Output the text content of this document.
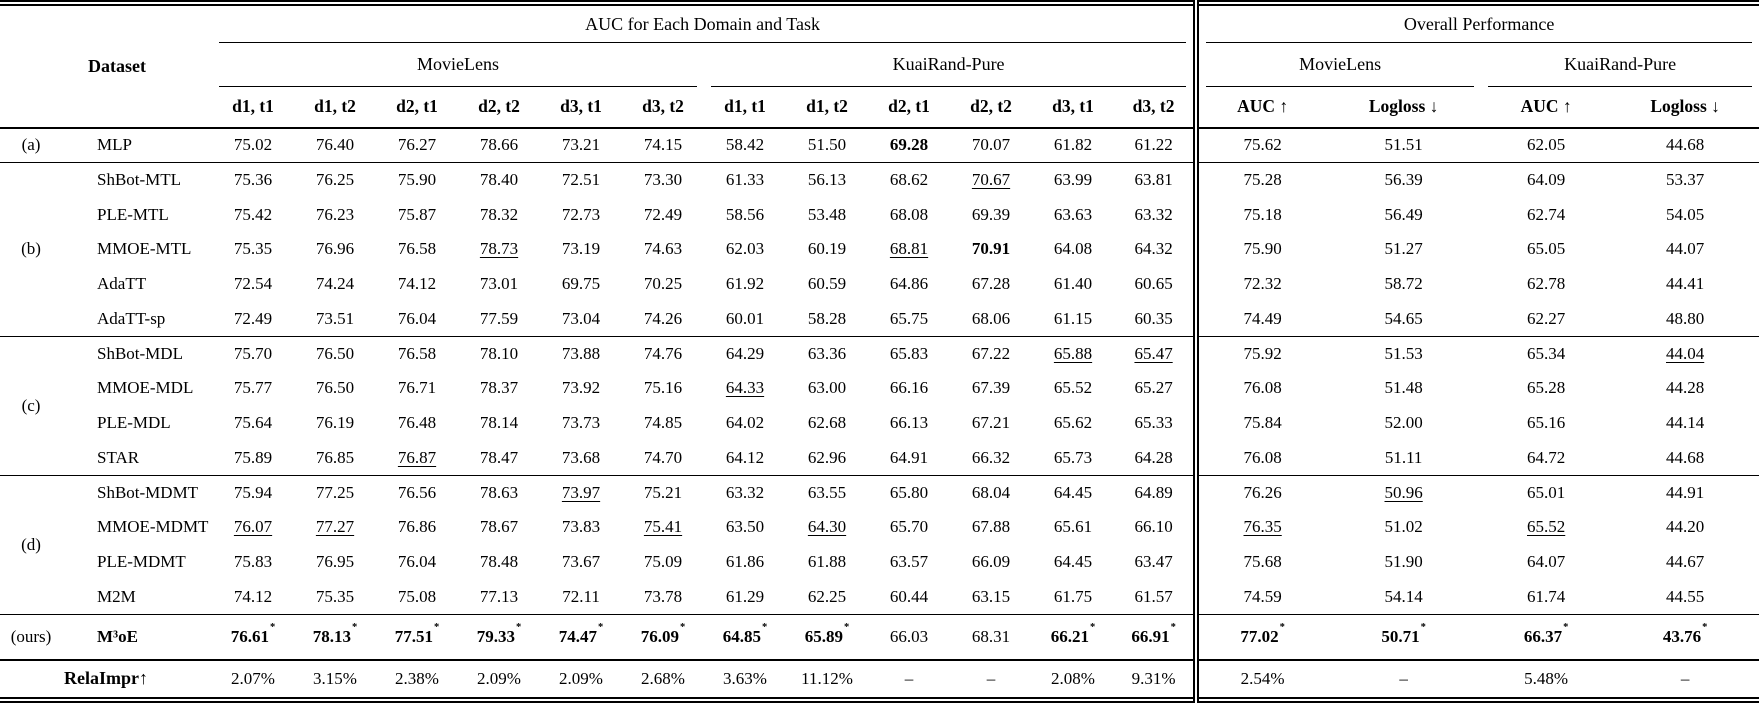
Dataset		AUC for Each Domain and Task												Overall Performance			
		MovieLens						KuaiRand-Pure						MovieLens		KuaiRand-Pure	
		d1, t1	d1, t2	d2, t1	d2, t2	d3, t1	d3, t2	d1, t1	d1, t2	d2, t1	d2, t2	d3, t1	d3, t2	AUC ↑	Logloss ↓	AUC ↑	Logloss ↓
(a)	MLP	75.02	76.40	76.27	78.66	73.21	74.15	58.42	51.50	69.28	70.07	61.82	61.22	75.62	51.51	62.05	44.68
(b)	ShBot-MTL	75.36	76.25	75.90	78.40	72.51	73.30	61.33	56.13	68.62	70.67	63.99	63.81	75.28	56.39	64.09	53.37
	PLE-MTL	75.42	76.23	75.87	78.32	72.73	72.49	58.56	53.48	68.08	69.39	63.63	63.32	75.18	56.49	62.74	54.05
	MMOE-MTL	75.35	76.96	76.58	78.73	73.19	74.63	62.03	60.19	68.81	70.91	64.08	64.32	75.90	51.27	65.05	44.07
	AdaTT	72.54	74.24	74.12	73.01	69.75	70.25	61.92	60.59	64.86	67.28	61.40	60.65	72.32	58.72	62.78	44.41
	AdaTT-sp	72.49	73.51	76.04	77.59	73.04	74.26	60.01	58.28	65.75	68.06	61.15	60.35	74.49	54.65	62.27	48.80
(c)	ShBot-MDL	75.70	76.50	76.58	78.10	73.88	74.76	64.29	63.36	65.83	67.22	65.88	65.47	75.92	51.53	65.34	44.04
	MMOE-MDL	75.77	76.50	76.71	78.37	73.92	75.16	64.33	63.00	66.16	67.39	65.52	65.27	76.08	51.48	65.28	44.28
	PLE-MDL	75.64	76.19	76.48	78.14	73.73	74.85	64.02	62.68	66.13	67.21	65.62	65.33	75.84	52.00	65.16	44.14
	STAR	75.89	76.85	76.87	78.47	73.68	74.70	64.12	62.96	64.91	66.32	65.73	64.28	76.08	51.11	64.72	44.68
(d)	ShBot-MDMT	75.94	77.25	76.56	78.63	73.97	75.21	63.32	63.55	65.80	68.04	64.45	64.89	76.26	50.96	65.01	44.91
	MMOE-MDMT	76.07	77.27	76.86	78.67	73.83	75.41	63.50	64.30	65.70	67.88	65.61	66.10	76.35	51.02	65.52	44.20
	PLE-MDMT	75.83	76.95	76.04	78.48	73.67	75.09	61.86	61.88	63.57	66.09	64.45	63.47	75.68	51.90	64.07	44.67
	M2M	74.12	75.35	75.08	77.13	72.11	73.78	61.29	62.25	60.44	63.15	61.75	61.57	74.59	54.14	61.74	44.55
(ours)	M³oE	76.61*	78.13*	77.51*	79.33*	74.47*	76.09*	64.85*	65.89*	66.03	68.31	66.21*	66.91*	77.02*	50.71*	66.37*	43.76*
RelaImpr↑		2.07%	3.15%	2.38%	2.09%	2.09%	2.68%	3.63%	11.12%	–	–	2.08%	9.31%	2.54%	–	5.48%	–
